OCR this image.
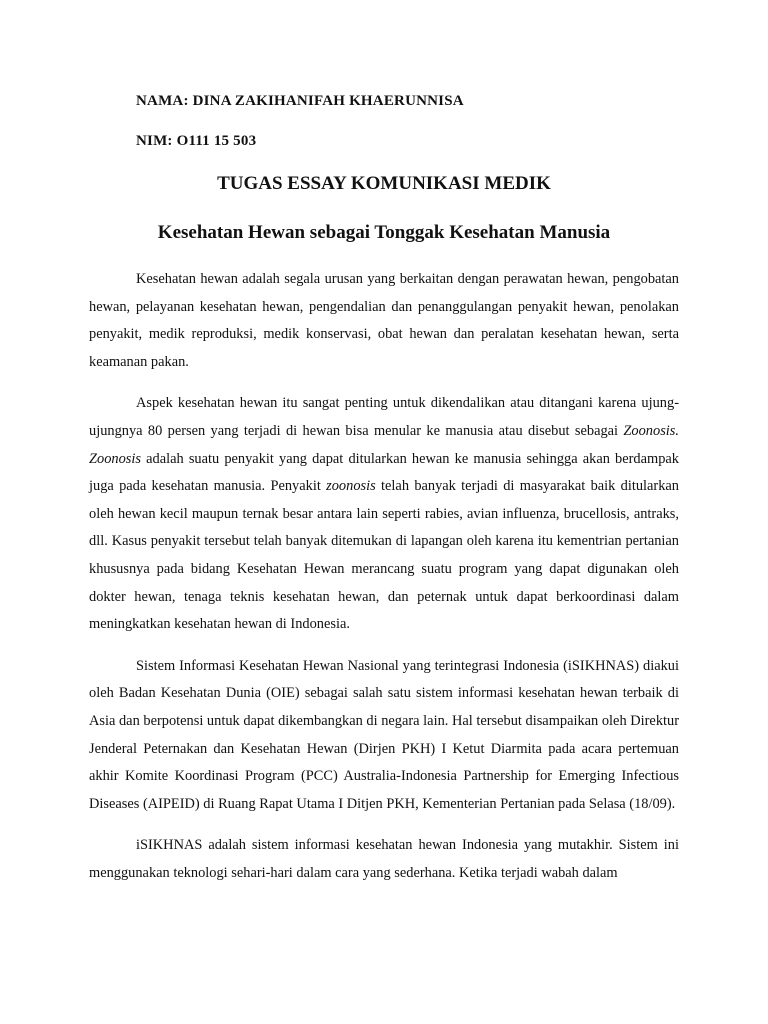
NAMA: DINA ZAKIHANIFAH KHAERUNNISA
NIM: O111 15 503
TUGAS ESSAY KOMUNIKASI MEDIK
Kesehatan Hewan sebagai Tonggak Kesehatan Manusia

Kesehatan hewan adalah segala urusan yang berkaitan dengan perawatan hewan, pengobatan hewan, pelayanan kesehatan hewan, pengendalian dan penanggulangan penyakit hewan, penolakan penyakit, medik reproduksi, medik konservasi, obat hewan dan peralatan kesehatan hewan, serta keamanan pakan.

Aspek kesehatan hewan itu sangat penting untuk dikendalikan atau ditangani karena ujung-ujungnya 80 persen yang terjadi di hewan bisa menular ke manusia atau disebut sebagai Zoonosis. Zoonosis adalah suatu penyakit yang dapat ditularkan hewan ke manusia sehingga akan berdampak juga pada kesehatan manusia. Penyakit zoonosis telah banyak terjadi di masyarakat baik ditularkan oleh hewan kecil maupun ternak besar antara lain seperti rabies, avian influenza, brucellosis, antraks, dll. Kasus penyakit tersebut telah banyak ditemukan di lapangan oleh karena itu kementrian pertanian khususnya pada bidang Kesehatan Hewan merancang suatu program yang dapat digunakan oleh dokter hewan, tenaga teknis kesehatan hewan, dan peternak untuk dapat berkoordinasi dalam meningkatkan kesehatan hewan di Indonesia.

Sistem Informasi Kesehatan Hewan Nasional yang terintegrasi Indonesia (iSIKHNAS) diakui oleh Badan Kesehatan Dunia (OIE) sebagai salah satu sistem informasi kesehatan hewan terbaik di Asia dan berpotensi untuk dapat dikembangkan di negara lain. Hal tersebut disampaikan oleh Direktur Jenderal Peternakan dan Kesehatan Hewan (Dirjen PKH) I Ketut Diarmita pada acara pertemuan akhir Komite Koordinasi Program (PCC) Australia-Indonesia Partnership for Emerging Infectious Diseases (AIPEID) di Ruang Rapat Utama I Ditjen PKH, Kementerian Pertanian pada Selasa (18/09).

iSIKHNAS adalah sistem informasi kesehatan hewan Indonesia yang mutakhir. Sistem ini menggunakan teknologi sehari-hari dalam cara yang sederhana. Ketika terjadi wabah dalam
